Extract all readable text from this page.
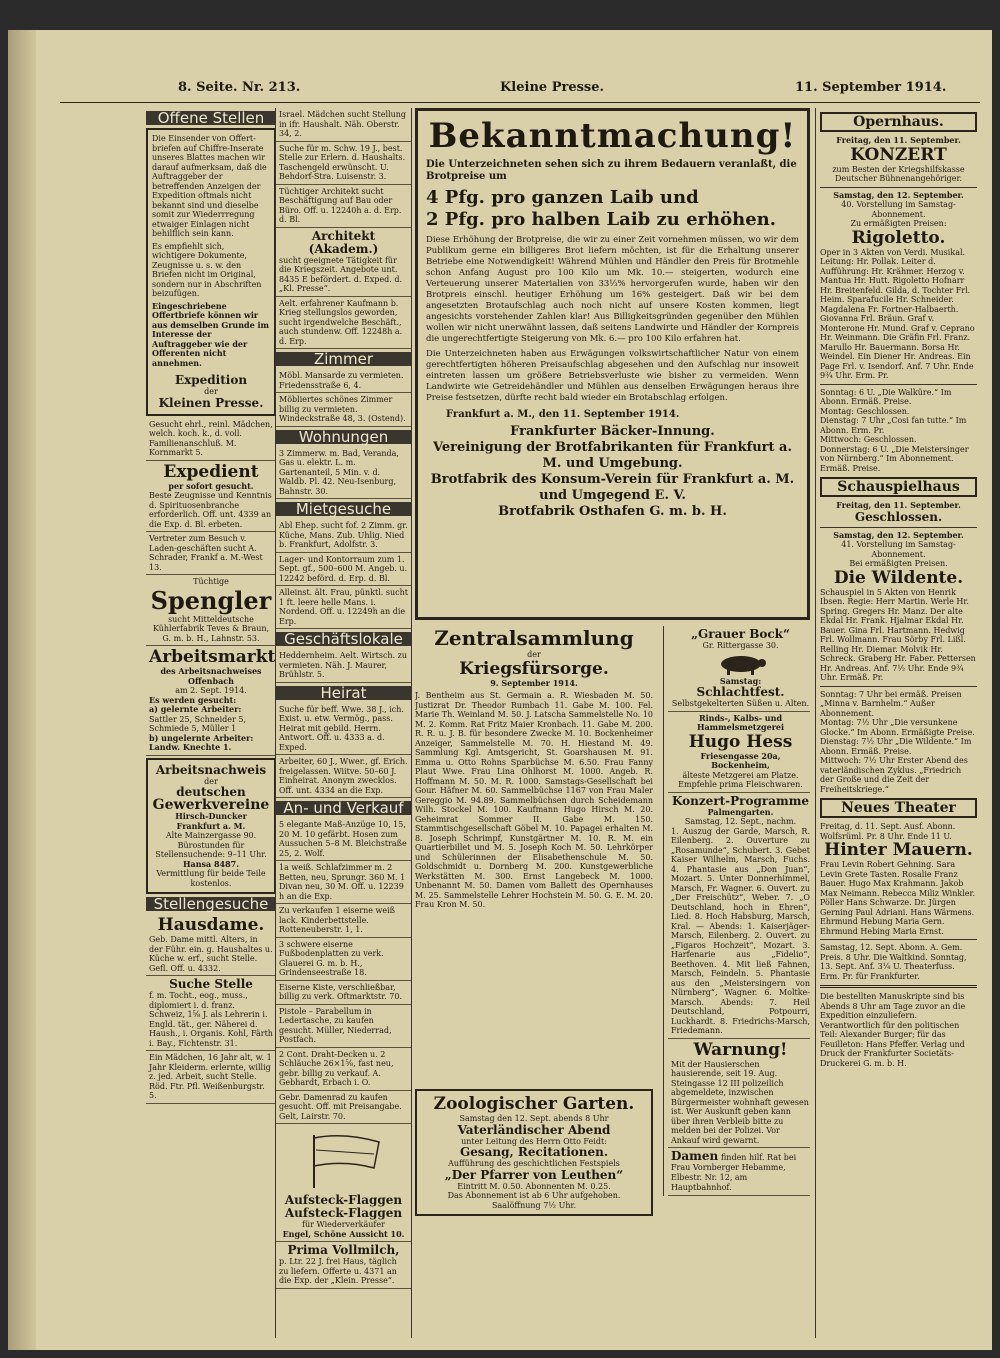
8. Seite. Nr. 213.	Kleine Presse.	11. September 1914.
Offene Stellen
Die Einsender von Offert-briefen auf Chiffre-Inserate unseres Blattes machen wir darauf aufmerksam, daß die Auftraggeber der betreffenden Anzeigen der Expedition oftmals nicht bekannt sind und dieselbe somit zur Wiederrregung etwaiger Einlagen nicht behilflich sein kann.
Es empfiehlt sich, wichtigere Dokumente, Zeugnisse u. s. w. den Briefen nicht im Original, sondern nur in Abschriften beizufügen.
Eingeschriebene Offertbriefe können wir aus demselben Grunde im Interesse der Auftraggeber wie der Offerenten nicht annehmen.
Expedition
der
Kleinen Presse.
Gesucht ehrl., reinl. Mädchen, welch. koch. k., d. voll. Familienanschluß. M. Kornmarkt 5.
Expedient
per sofort gesucht.
Beste Zeugnisse und Kenntnis d. Spirituosenbranche erforderlich. Off. unt. 4339 an die Exp. d. Bl. erbeten.
Vertreter zum Besuch v. Laden-geschäften sucht A. Schrader, Frankf a. M.-West 13.
Tüchtige
Spengler
sucht Mitteldeutsche Kühlerfabrik Teves & Braun, G. m. b. H., Lahnstr. 53.
Arbeitsmarkt
des Arbeitsnachweises Offenbach
am 2. Sept. 1914.
Es werden gesucht:
a) gelernte Arbeiter:
Sattler 25, Schneider 5, Schmiede 5, Müller 1
b) ungelernte Arbeiter: Landw. Knechte 1.
Arbeitsnachweis
der
deutschen
Gewerkvereine
Hirsch-Duncker
Frankfurt a. M.
Alte Mainzergasse 90.
Bürostunden für Stellensuchende: 9–11 Uhr.
Hansa 8487.
Vermittlung für beide Teile kostenlos.
Stellengesuche
Hausdame.
Geb. Dame mittl. Alters, in der Führ. ein. g. Haushaltes u. Küche w. erf., sucht Stelle. Gefl. Off. u. 4332.
Suche Stelle
f. m. Tocht., eog., muss., diplomiert i. d. franz. Schweiz, 1⅝ J. als Lehrerin i. Engld. tät., ger. Näherei d. Haush., i. Organis. Kohl, Färth i. Bay., Fichtenstr. 31.
Ein Mädchen, 16 Jahr alt, w. 1 Jahr Kleiderm. erlernte, willig z. jed. Arbeit, sucht Stelle. Röd. Ftr. Pfl. Weißenburgstr. 5.
Israel. Mädchen sucht Stellung in ifr. Haushalt. Näh. Oberstr. 34, 2.
Suche für m. Schw. 19 J., best. Stelle zur Erlern. d. Haushalts. Taschengeld erwünscht. U. Behdorf-Stra. Luisenstr. 3.
Tüchtiger Architekt sucht Beschäftigung auf Bau oder Büro. Off. u. 12240h a. d. Erp. d. Bl.
Architekt (Akadem.)
sucht geeignete Tätigkeit für die Kriegszeit. Angebote unt. 8435 E befördert. d. Exped. d. „Kl. Presse“.
Aelt. erfahrener Kaufmann b. Krieg stellungslos geworden, sucht irgendwelche Beschäft., auch stundenw. Off. 12248h a. d. Erp.
Zimmer
Möbl. Mansarde zu vermieten. Friedensstraße 6, 4.
Möbliertes schönes Zimmer billig zu vermieten. Windeckstraße 48, 3. (Ostend).
Wohnungen
3 Zimmerw. m. Bad, Veranda, Gas u. elektr. L. m. Gartenanteil, 5 Min. v. d. Waldb. Pl. 42. Neu-Isenburg, Bahnstr. 30.
Mietgesuche
Abl Ehep. sucht fof. 2 Zimm. gr. Küche, Mans. Zub. Uhlig. Nied b. Frankfurt, Adolfstr. 3.
Lager- und Kontorraum zum 1. Sept. gf., 500–600 M. Angeb. u. 12242 beförd. d. Erp. d. Bl.
Alleinst. ält. Frau, pünktl. sucht 1 ft. leere helle Mans. i. Nordend. Off. u. 12249h an die Erp.
Geschäftslokale
Heddernheim. Aelt. Wirtsch. zu vermieten. Näh. J. Maurer, Brühlstr. 5.
Heirat
Suche für beff. Wwe. 38 J., ich. Exist. u. etw. Vermög., pass. Heirat mit gebild. Herrn. Antwort. Off. u. 4333 a. d. Exped.
Arbeiter, 60 J., Wwer., gf. Erich. freigelassen. Wiitve. 50–60 J. Einheirat. Anonym zwecklos. Off. unt. 4334 an die Exp.
An- und Verkauf
5 elegante Maß-Anzüge 10, 15, 20 M. 10 gefärbt. Hosen zum Aussuchen 5–8 M. Bleichstraße 25, 2. Wolf.
1a weiß. Schlafzimmer m. 2 Betten, neu, Sprungr. 360 M. 1 Divan neu, 30 M. Off. u. 12239 h an die Exp.
Zu verkaufen 1 eiserne weiß lack. Kinderbettstelle. Rotteneuberstr. 1, 1.
3 schwere eiserne Fußbodenplatten zu verk. Glauerei G. m. b. H., Grindenseestraße 18.
Eiserne Kiste, verschließbar, billig zu verk. Oftmarktstr. 70.
Pistole – Parabellum in Ledertasche, zu kaufen gesucht. Müller, Niederrad, Postfach.
2 Cont. Draht-Decken u. 2 Schläuche 26×1⅝, fast neu, gebr. billig zu verkauf. A. Gebhardt, Erbach i. O.
Gebr. Damenrad zu kaufen gesucht. Off. mit Preisangabe. Gelt, Lairstr. 70.
Aufsteck-Flaggen
Aufsteck-Flaggen
für Wiederverkäufer
Engel, Schöne Aussicht 10.
Prima Vollmilch,
p. Ltr. 22 J. frei Haus, täglich zu liefern. Offerte u. 4371 an die Exp. der „Klein. Presse“.
Bekanntmachung!
Die Unterzeichneten sehen sich zu ihrem Bedauern veranlaßt, die Brotpreise um
4 Pfg. pro ganzen Laib und
2 Pfg. pro halben Laib zu erhöhen.
Diese Erhöhung der Brotpreise, die wir zu einer Zeit vornehmen müssen, wo wir dem Publikum gerne ein billigeres Brot liefern möchten, ist für die Erhaltung unserer Betriebe eine Notwendigkeit! Während Mühlen und Händler den Preis für Brotmehle schon Anfang August pro 100 Kilo um Mk. 10.— steigerten, wodurch eine Verteuerung unserer Materialien von 33⅓% hervorgerufen wurde, haben wir den Brotpreis einschl. heutiger Erhöhung um 16% gesteigert. Daß wir bei dem angesetzten Brotaufschlag auch noch nicht auf unsere Kosten kommen, liegt angesichts vorstehender Zahlen klar! Aus Billigkeitsgründen gegenüber den Mühlen wollen wir nicht unerwähnt lassen, daß seitens Landwirte und Händler der Kornpreis die ungerechtfertigte Steigerung von Mk. 6.— pro 100 Kilo erfahren hat.
Die Unterzeichneten haben aus Erwägungen volkswirtschaftlicher Natur von einem gerechtfertigten höheren Preisaufschlag abgesehen und den Aufschlag nur insoweit eintreten lassen um größere Betriebsverluste wie bisher zu vermeiden. Wenn Landwirte wie Getreidehändler und Mühlen aus denselben Erwägungen heraus ihre Preise festsetzen, dürfte recht bald wieder ein Brotabschlag erfolgen.
Frankfurt a. M., den 11. September 1914.
Frankfurter Bäcker-Innung.
Vereinigung der Brotfabrikanten für Frankfurt a. M. und Umgebung.
Brotfabrik des Konsum-Verein für Frankfurt a. M. und Umgegend E. V.
Brotfabrik Osthafen G. m. b. H.
Zentralsammlung
der
Kriegsfürsorge.
9. September 1914.
J. Bentheim aus St. Germain a. R. Wiesbaden M. 50. Justizrat Dr. Theodor Rumbach 11. Gabe M. 100. Fel. Marie Th. Weinland M. 50. J. Latscha Sammelstelle No. 10 M. 2. Komm. Rat Fritz Maier Kronbach. 11. Gabe M. 200. R. R. u. J. B. für besondere Zwecke M. 10. Bockenheimer Anzeiger, Sammelstelle M. 70. H. Hiestand M. 49. Sammlung Kgl. Amtsgericht, St. Goarshausen M. 91. Emma u. Otto Rohns Sparbüchse M. 6.50. Frau Fanny Plaut Wwe. Frau Lina Ohlhorst M. 1000. Angeb. R. Hoffmann M. 50. M. R. 1000. Samstags-Gesellschaft bei Gour. Häfner M. 60. Sammelbüchse 1167 von Frau Maler Gereggio M. 94.89. Sammelbüchsen durch Scheidemann Wilh. Stockel M. 100. Kaufmann Hugo Hirsch M. 20. Geheimrat Sommer II. Gabe M. 150. Stammtischgesellschaft Göbel M. 10. Papagei erhalten M. 8. Joseph Schrimpf, Kunstgärtner M. 10. R. M. ein Quartierbillet und M. 5. Joseph Koch M. 50. Lehrkörper und Schülerinnen der Elisabethenschule M. 50. Goldschmidt u. Dornberg M. 200. Kunstgewerbliche Werkstätten M. 300. Ernst Langebeck M. 1000. Unbenannt M. 50. Damen vom Ballett des Opernhauses M. 25. Sammelstelle Lehrer Hochstein M. 50. G. E. M. 20. Frau Kron M. 50.
Zoologischer Garten.
Samstag den 12. Sept. abends 8 Uhr
Vaterländischer Abend
unter Leitung des Herrn Otto Feidt:
Gesang, Recitationen.
Aufführung des geschichtlichen Festspiels
„Der Pfarrer von Leuthen“
Eintritt M. 0.50. Abonnenten M. 0.25.
Das Abonnement ist ab 6 Uhr aufgehoben.
Saalöffnung 7½ Uhr.
„Grauer Bock“
Gr. Rittergasse 30.
Samstag:
Schlachtfest.
Selbstgekelterten Süßen u. Alten.
Rinds-, Kalbs- und Hammelsmetzgerei
Hugo Hess
Friesengasse 20a, Bockenheim,
älteste Metzgerei am Platze. Empfehle prima Fleischwaren.
Konzert-Programme
Palmengarten.
Samstag, 12. Sept., nachm.
1. Auszug der Garde, Marsch, R. Eilenberg. 2. Ouverture zu „Rosamunde“, Schubert. 3. Gebet Kaiser Wilhelm, Marsch, Fuchs. 4. Phantasie aus „Don Juan“, Mozart. 5. Unter Donnerhimmel, Marsch, Fr. Wagner. 6. Ouvert. zu „Der Freischütz“, Weber. 7. „O Deutschland, hoch in Ehren“, Lied. 8. Hoch Habsburg, Marsch, Kral. — Abends: 1. Kaiserjäger-Marsch, Eilenberg. 2. Ouvert. zu „Figaros Hochzeit“, Mozart. 3. Harfenarie aus „Fidelio“, Beethoven. 4. Mit ließ Fahnen, Marsch, Feindeln. 5. Phantasie aus den „Meistersingern von Nürnberg“, Wagner. 6. Moltke-Marsch. Abends: 7. Heil Deutschland, Potpourri, Luckhardt. 8. Friedrichs-Marsch, Friedemann.
Warnung!
Mit der Hausierschen hausierende, seit 19. Aug. Steingasse 12 III polizeilich abgemeldete, inzwischen Bürgermeister wohnhaft gewesen ist. Wer Auskunft geben kann über ihren Verbleib bitte zu melden bei der Polizei. Vor Ankauf wird gewarnt.
Damen finden hilf. Rat bei Frau Vornberger Hebamme, Elbestr. Nr. 12, am Hauptbahnhof.
Opernhaus.
Freitag, den 11. September.
KONZERT
zum Besten der Kriegshilfskasse Deutscher Bühnenangehöriger.
Samstag, den 12. September.
40. Vorstellung im Samstag-Abonnement.
Zu ermäßigten Preisen:
Rigoletto.
Oper in 3 Akten von Verdi. Musikal. Leitung: Hr. Pollak. Leiter d. Aufführung: Hr. Krähmer. Herzog v. Mantua Hr. Hutt. Rigoletto Hofnarr Hr. Breitenfeld. Gilda, d. Tochter Frl. Heim. Sparafucile Hr. Schneider. Magdalena Fr. Fortner-Halbaerth. Giovanna Frl. Bräun. Graf v. Monterone Hr. Mund. Graf v. Ceprano Hr. Weinmann. Die Gräfin Frl. Franz. Marullo Hr. Bauermann. Borsa Hr. Weindel. Ein Diener Hr. Andreas. Ein Page Frl. v. Isendorf. Anf. 7 Uhr. Ende 9¾ Uhr. Erm. Pr.
Sonntag: 6 U. „Die Walküre.“ Im Abonn. Ermäß. Preise.
Montag: Geschlossen.
Dienstag: 7 Uhr „Cosi fan tutte.“ Im Abonn. Erm. Pr.
Mittwoch: Geschlossen.
Donnerstag: 6 U. „Die Meistersinger von Nürnberg.“ Im Abonnement. Ermäß. Preise.
Schauspielhaus
Freitag, den 11. September.
Geschlossen.
Samstag, den 12. September.
41. Vorstellung im Samstag-Abonnement.
Bei ermäßigten Preisen.
Die Wildente.
Schauspiel in 5 Akten von Henrik Ibsen. Regie: Herr Martin. Werle Hr. Spring. Gregers Hr. Manz. Der alte Ekdal Hr. Frank. Hjalmar Ekdal Hr. Bauer. Gina Frl. Hartmann. Hedwig Frl. Wollmann. Frau Sörby Frl. Lißl. Relling Hr. Diemar. Molvik Hr. Schreck. Graberg Hr. Faber. Pettersen Hr. Andreas. Anf. 7½ Uhr. Ende 9¾ Uhr. Ermäß. Pr.
Sonntag: 7 Uhr bei ermäß. Preisen „Minna v. Barnhelm.“ Außer Abonnement.
Montag: 7½ Uhr „Die versunkene Glocke.“ Im Abonn. Ermäßigte Preise.
Dienstag: 7½ Uhr „Die Wildente.“ Im Abonn. Ermäß. Preise.
Mittwoch: 7½ Uhr Erster Abend des vaterländischen Zyklus. „Friedrich der Große und die Zeit der Freiheitskriege.“
Neues Theater
Freitag, d. 11. Sept. Ausf. Abonn. Wolfsrüml. Pr. 8 Uhr. Ende 11 U.
Hinter Mauern.
Frau Levin Robert Gehning. Sara Levin Grete Tasten. Rosalie Franz Bauer. Hugo Max Krahmann. Jakob Max Neimann. Rebecca Miliz Winkler. Pöller Hans Schwarze. Dr. Jürgen Gerning Paul Adriani. Hans Wärmens. Ehrmund Hebung Maria Gern. Ehrmund Hebing Maria Ernst.
Samstag, 12. Sept. Abonn. A. Gem. Preis. 8 Uhr. Die Waltkind. Sonntag, 13. Sept. Anf. 3¼ U. Theaterfuss. Erm. Pr. für Frankfurter.
Die bestellten Manuskripte sind bis Abends 8 Uhr am Tage zuvor an die Expedition einzuliefern. Verantwortlich für den politischen Teil: Alexander Burger; für das Feuilleton: Hans Pfeffer. Verlag und Druck der Frankfurter Societäts-Druckerei G. m. b. H.
